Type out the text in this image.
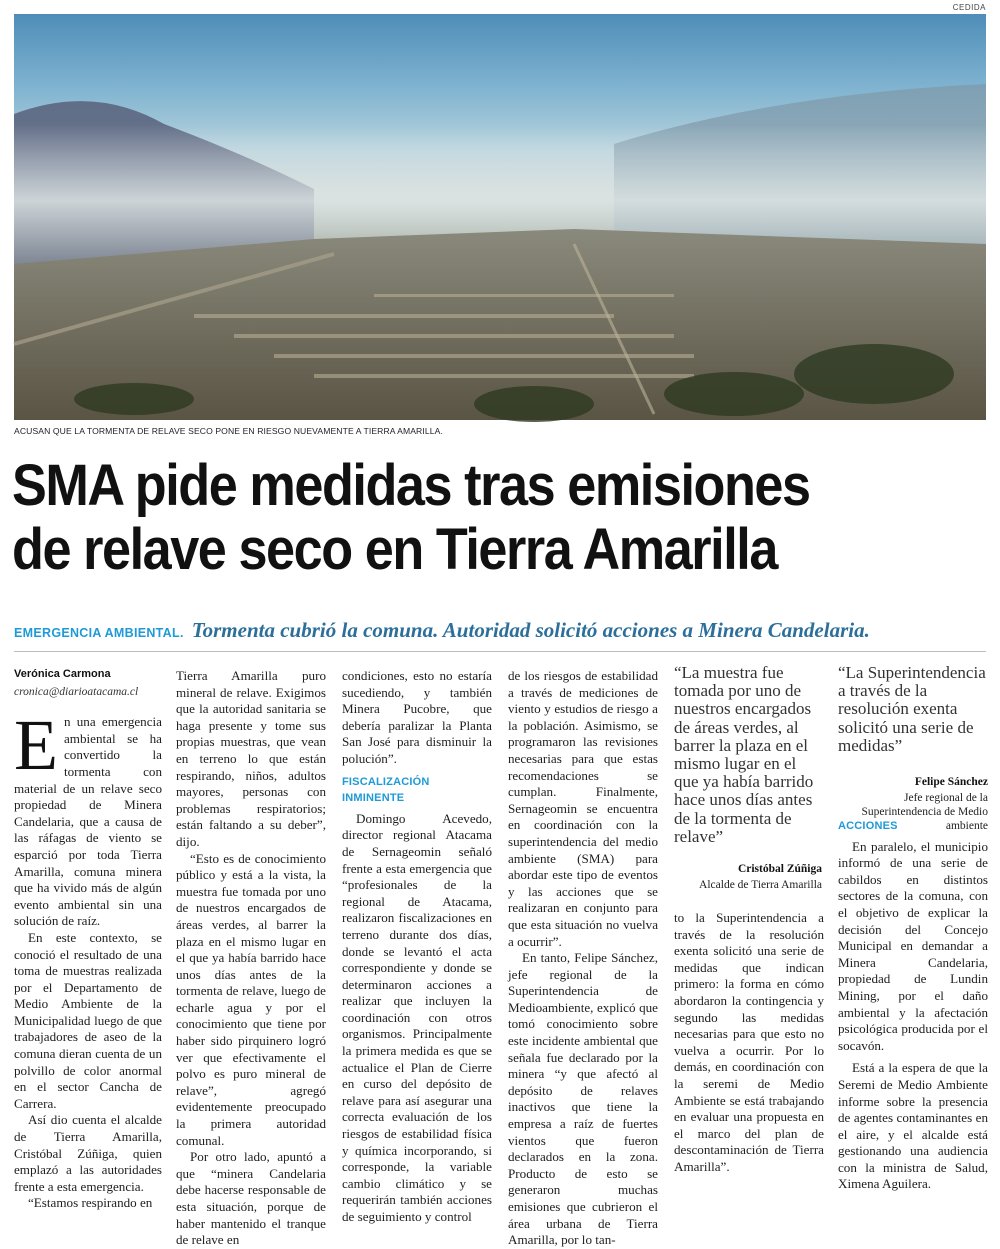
CEDIDA
ACUSAN QUE LA TORMENTA DE RELAVE SECO PONE EN RIESGO NUEVAMENTE A TIERRA AMARILLA.
SMA pide medidas tras emisiones
de relave seco en Tierra Amarilla
EMERGENCIA AMBIENTAL. Tormenta cubrió la comuna. Autoridad solicitó acciones a Minera Candelaria.
Verónica Carmona
cronica@diarioatacama.cl

En una emergencia ambiental se ha convertido la tormenta con material de un relave seco propiedad de Minera Candelaria, que a causa de las ráfagas de viento se esparció por toda Tierra Amarilla, comuna minera que ha vivido más de algún evento ambiental sin una solución de raíz.

En este contexto, se conoció el resultado de una toma de muestras realizada por el Departamento de Medio Ambiente de la Municipalidad luego de que trabajadores de aseo de la comuna dieran cuenta de un polvillo de color anormal en el sector Cancha de Carrera.

Así dio cuenta el alcalde de Tierra Amarilla, Cristóbal Zúñiga, quien emplazó a las autoridades frente a esta emergencia.

“Estamos respirando en

Tierra Amarilla puro mineral de relave. Exigimos que la autoridad sanitaria se haga presente y tome sus propias muestras, que vean en terreno lo que están respirando, niños, adultos mayores, personas con problemas respiratorios; están faltando a su deber”, dijo.

“Esto es de conocimiento público y está a la vista, la muestra fue tomada por uno de nuestros encargados de áreas verdes, al barrer la plaza en el mismo lugar en el que ya había barrido hace unos días antes de la tormenta de relave, luego de echarle agua y por el conocimiento que tiene por haber sido pirquinero logró ver que efectivamente el polvo es puro mineral de relave”, agregó evidentemente preocupado la primera autoridad comunal.

Por otro lado, apuntó a que “minera Candelaria debe hacerse responsable de esta situación, porque de haber mantenido el tranque de relave en

condiciones, esto no estaría sucediendo, y también Minera Pucobre, que debería paralizar la Planta San José para disminuir la polución”.

FISCALIZACIÓN INMINENTE

Domingo Acevedo, director regional Atacama de Sernageomin señaló frente a esta emergencia que “profesionales de la regional de Atacama, realizaron fiscalizaciones en terreno durante dos días, donde se levantó el acta correspondiente y donde se determinaron acciones a realizar que incluyen la coordinación con otros organismos. Principalmente la primera medida es que se actualice el Plan de Cierre en curso del depósito de relave para así asegurar una correcta evaluación de los riesgos de estabilidad física y química incorporando, si corresponde, la variable cambio climático y se requerirán también acciones de seguimiento y control

de los riesgos de estabilidad a través de mediciones de viento y estudios de riesgo a la población. Asimismo, se programaron las revisiones necesarias para que estas recomendaciones se cumplan. Finalmente, Sernageomin se encuentra en coordinación con la superintendencia del medio ambiente (SMA) para abordar este tipo de eventos y las acciones que se realizaran en conjunto para que esta situación no vuelva a ocurrir”.

En tanto, Felipe Sánchez, jefe regional de la Superintendencia de Medioambiente, explicó que tomó conocimiento sobre este incidente ambiental que señala fue declarado por la minera “y que afectó al depósito de relaves inactivos que tiene la empresa a raíz de fuertes vientos que fueron declarados en la zona. Producto de esto se generaron muchas emisiones que cubrieron el área urbana de Tierra Amarilla, por lo tan-

“La muestra fue tomada por uno de nuestros encargados de áreas verdes, al barrer la plaza en el mismo lugar en el que ya había barrido hace unos días antes de la tormenta de relave”
Cristóbal Zúñiga
Alcalde de Tierra Amarilla

to la Superintendencia a través de la resolución exenta solicitó una serie de medidas que indican primero: la forma en cómo abordaron la contingencia y segundo las medidas necesarias para que esto no vuelva a ocurrir. Por lo demás, en coordinación con la seremi de Medio Ambiente se está trabajando en evaluar una propuesta en el marco del plan de descontaminación de Tierra Amarilla”.

“La Superintendencia a través de la resolución exenta solicitó una serie de medidas”
Felipe Sánchez
Jefe regional de la Superintendencia de Medio ambiente
ACCIONES

En paralelo, el municipio informó de una serie de cabildos en distintos sectores de la comuna, con el objetivo de explicar la decisión del Concejo Municipal en demandar a Minera Candelaria, propiedad de Lundin Mining, por el daño ambiental y la afectación psicológica producida por el socavón.

Está a la espera de que la Seremi de Medio Ambiente informe sobre la presencia de agentes contaminantes en el aire, y el alcalde está gestionando una audiencia con la ministra de Salud, Ximena Aguilera.
